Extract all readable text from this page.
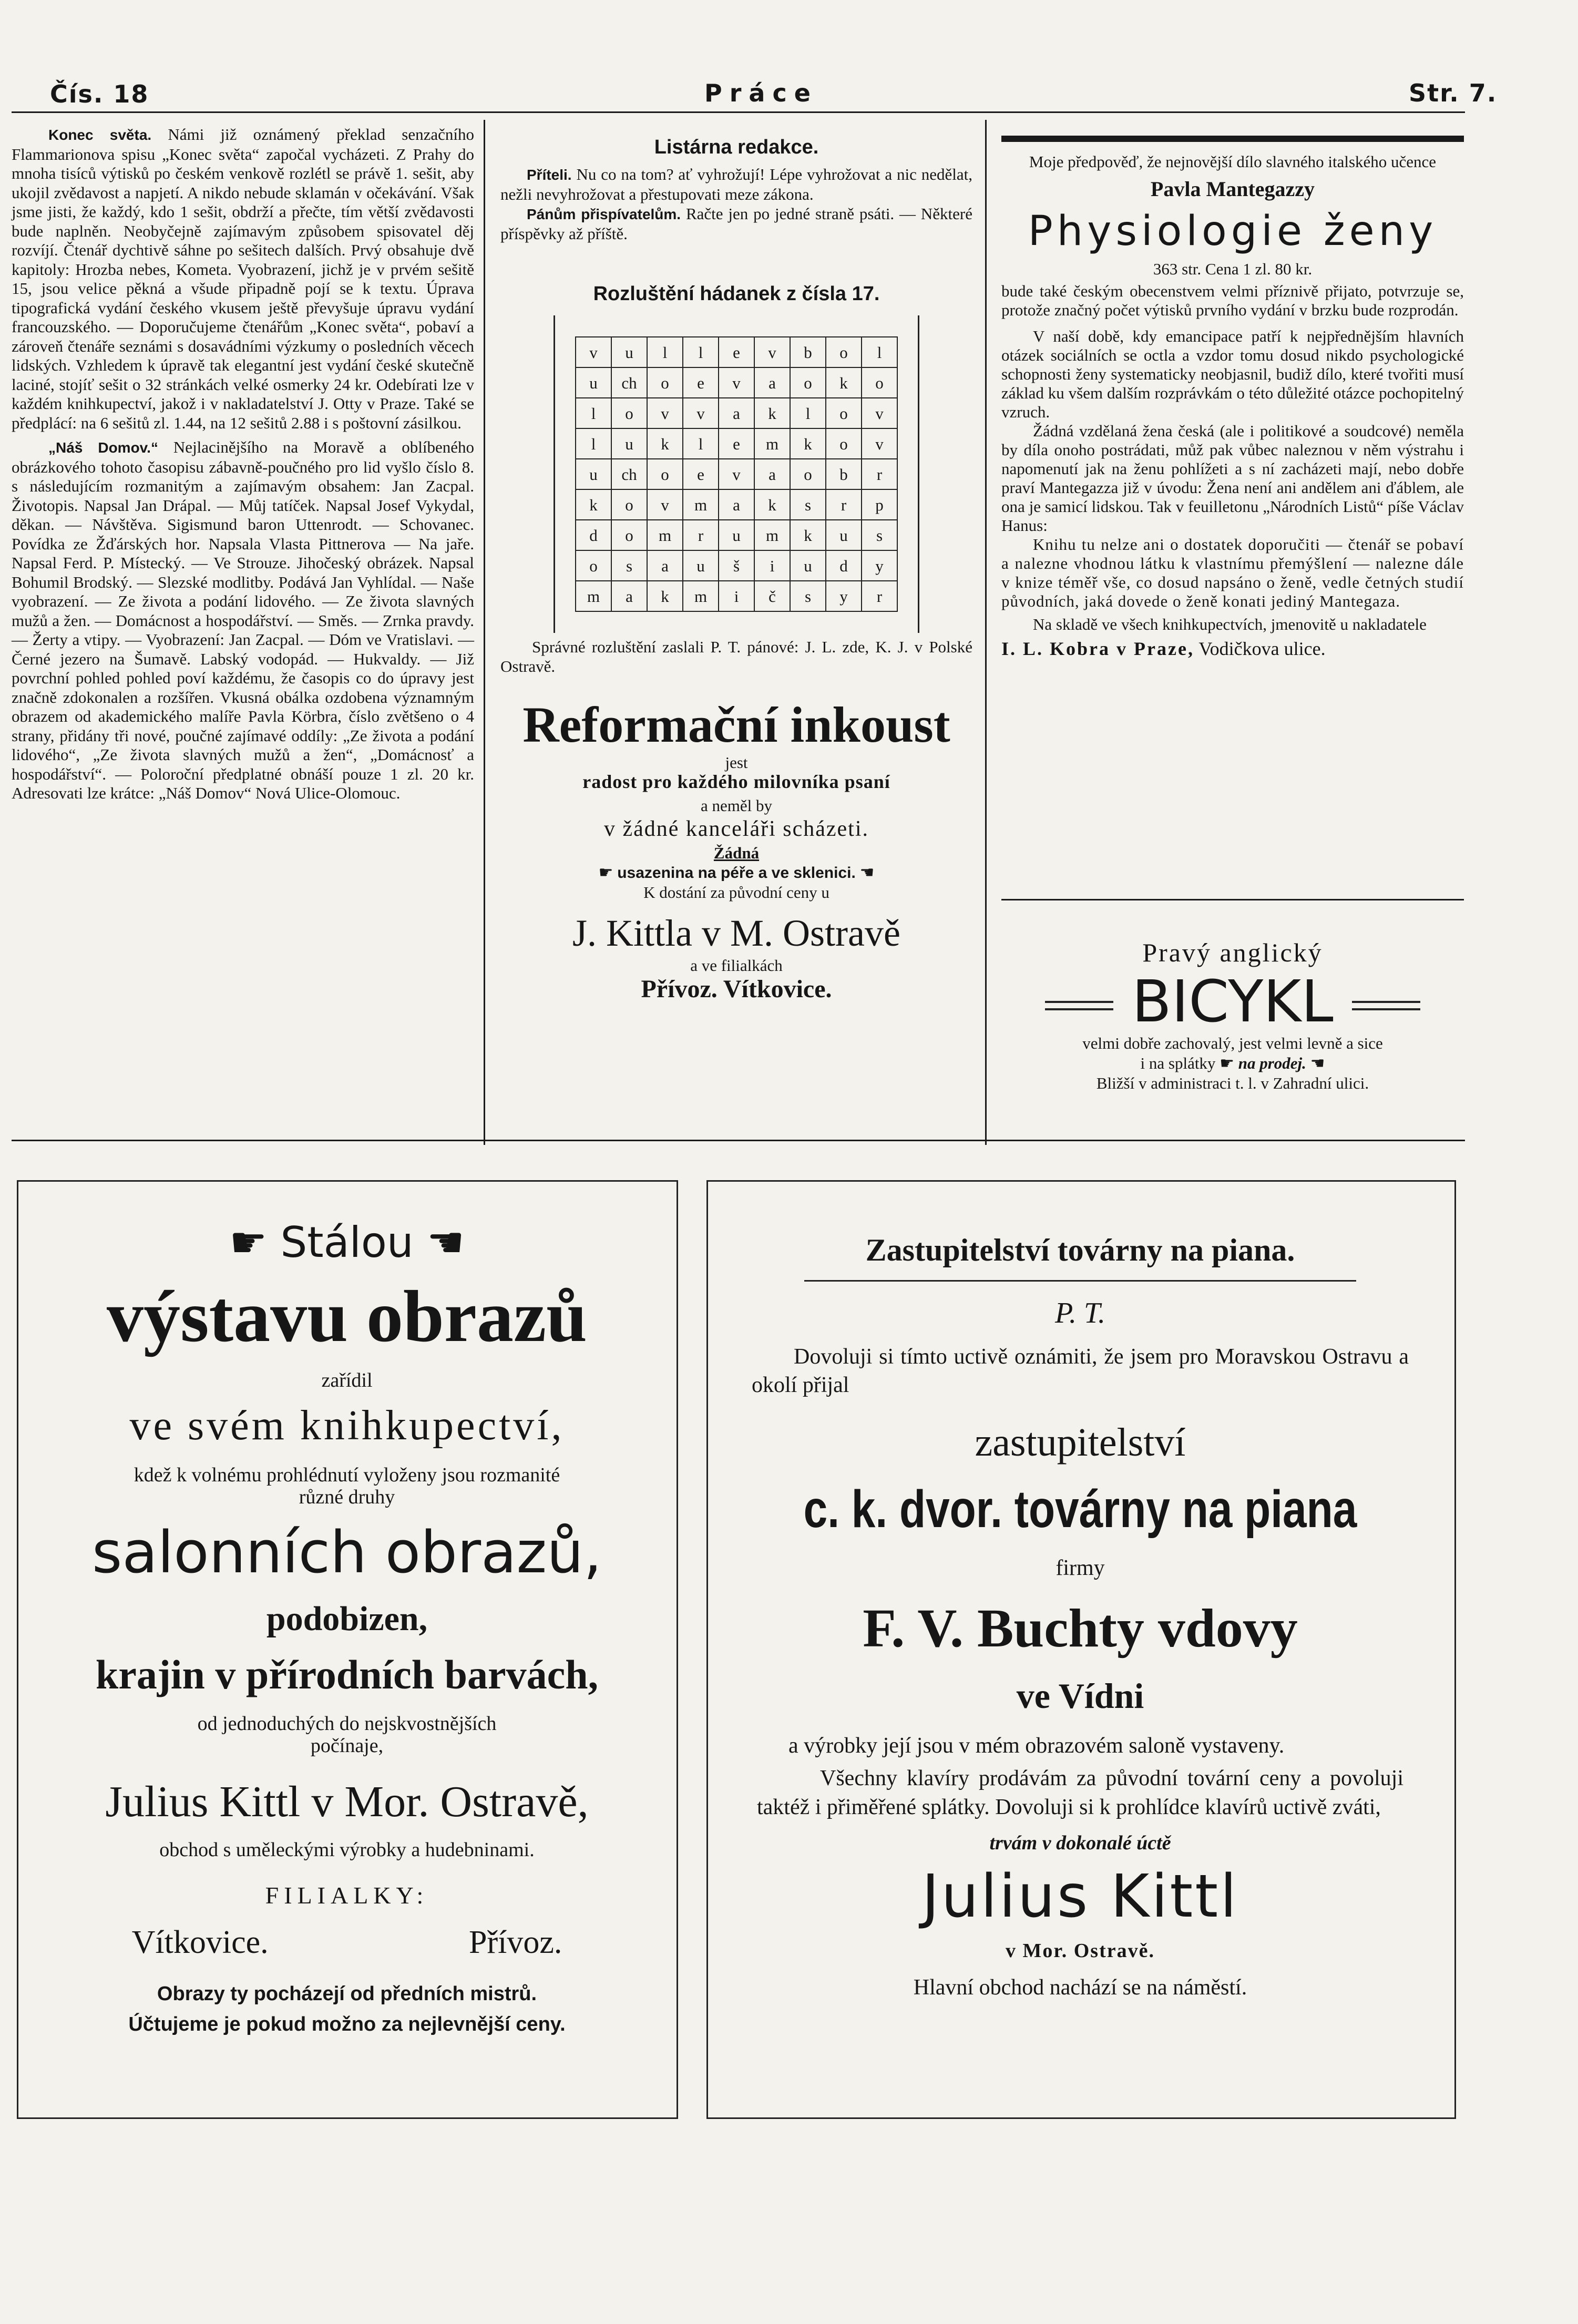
Čís. 18	Práce	Str. 7.

Konec světa. Námi již oznámený překlad senzačního Flammarionova spisu „Konec světa“ započal vycházeti. Z Prahy do mnoha tisíců výtisků po českém venkově rozlétl se právě 1. sešit, aby ukojil zvědavost a napjetí. A nikdo nebude sklamán v očekávání. Však jsme jisti, že každý, kdo 1 sešit, obdrží a přečte, tím větší zvědavosti bude naplněn. Neobyčejně zajímavým způsobem spisovatel děj rozvíjí. Čtenář dychtivě sáhne po sešitech dalších. Prvý obsahuje dvě kapitoly: Hrozba nebes, Kometa. Vyobrazení, jichž je v prvém sešitě 15, jsou velice pěkná a všude připadně pojí se k textu. Úprava tipografická vydání českého vkusem ještě převyšuje úpravu vydání francouzského. — Doporučujeme čtenářům „Konec světa“, pobaví a zároveň čtenáře seznámi s dosavádními výzkumy o posledních věcech lidských. Vzhledem k úpravě tak elegantní jest vydání české skutečně laciné, stojíť sešit o 32 stránkách velké osmerky 24 kr. Odebírati lze v každém knihkupectví, jakož i v nakladatelství J. Otty v Praze. Také se předplácí: na 6 sešitů zl. 1.44, na 12 sešitů 2.88 i s poštovní zásilkou.

„Náš Domov.“ Nejlacinějšího na Moravě a oblíbeného obrázkového tohoto časopisu zábavně-poučného pro lid vyšlo číslo 8. s následujícím rozmanitým a zajímavým obsahem: Jan Zacpal. Životopis. Napsal Jan Drápal. — Můj tatíček. Napsal Josef Vykydal, děkan. — Návštěva. Sigismund baron Uttenrodt. — Schovanec. Povídka ze Žďárských hor. Napsala Vlasta Pittnerova — Na jaře. Napsal Ferd. P. Místecký. — Ve Strouze. Jihočeský obrázek. Napsal Bohumil Brodský. — Slezské modlitby. Podává Jan Vyhlídal. — Naše vyobrazení. — Ze života a podání lidového. — Ze života slavných mužů a žen. — Domácnost a hospodářství. — Směs. — Zrnka pravdy. — Žerty a vtipy. — Vyobrazení: Jan Zacpal. — Dóm ve Vratislavi. — Černé jezero na Šumavě. Labský vodopád. — Hukvaldy. — Již povrchní pohled pohled poví každému, že časopis co do úpravy jest značně zdokonalen a rozšířen. Vkusná obálka ozdobena významným obrazem od akademického malíře Pavla Körbra, číslo zvětšeno o 4 strany, přidány tři nové, poučné zajímavé oddíly: „Ze života a podání lidového“, „Ze života slavných mužů a žen“, „Domácnosť a hospodářství“. — Poloroční předplatné obnáší pouze 1 zl. 20 kr. Adresovati lze krátce: „Náš Domov“ Nová Ulice-Olomouc.

Listárna redakce.

Příteli. Nu co na tom? ať vyhrožují! Lépe vyhrožovat a nic nedělat, nežli nevyhrožovat a přestupovati meze zákona.

Pánům přispívatelům. Račte jen po jedné straně psáti. — Některé příspěvky až příště.

Rozluštění hádanek z čísla 17.
v	u	l	l	e	v	b	o	l
u	ch	o	e	v	a	o	k	o
l	o	v	v	a	k	l	o	v
l	u	k	l	e	m	k	o	v
u	ch	o	e	v	a	o	b	r
k	o	v	m	a	k	s	r	p
d	o	m	r	u	m	k	u	s
o	s	a	u	š	i	u	d	y
m	a	k	m	i	č	s	y	r

Správné rozluštění zaslali P. T. pánové: J. L. zde, K. J. v Polské Ostravě.

Reformační inkoust
jest
radost pro každého milovníka psaní
a neměl by
v žádné kanceláři scházeti.
Žádná
☛ usazenina na péře a ve sklenici. ☚
K dostání za původní ceny u
J. Kittla v M. Ostravě
a ve filialkách
Přívoz. Vítkovice.
Moje předpověď, že nejnovější dílo slavného italského učence
Pavla Mantegazzy
Physiologie ženy
363 str. Cena 1 zl. 80 kr.

bude také českým obecenstvem velmi příznivě přijato, potvrzuje se, protože značný počet výtisků prvního vydání v brzku bude rozprodán.

V naší době, kdy emancipace patří k nejpřednějším hlavních otázek sociálních se octla a vzdor tomu dosud nikdo psychologické schopnosti ženy systematicky neobjasnil, budiž dílo, které tvořiti musí základ ku všem dalším rozprávkám o této důležité otázce pochopitelný vzruch.

Žádná vzdělaná žena česká (ale i politikové a soudcové) neměla by díla onoho postrádati, můž pak vůbec naleznou v něm výstrahu i napomenutí jak na ženu pohlížeti a s ní zacházeti mají, nebo dobře praví Mantegazza již v úvodu: Žena není ani andělem ani ďáblem, ale ona je samicí lidskou. Tak v feuilletonu „Národních Listů“ píše Václav Hanus:

Knihu tu nelze ani o dostatek doporučiti — čtenář se pobaví a nalezne vhodnou látku k vlastnímu přemýšlení — nalezne dále v knize téměř vše, co dosud napsáno o ženě, vedle četných studií původních, jaká dovede o ženě konati jediný Mantegaza.

Na skladě ve všech knihkupectvích, jmenovitě u nakladatele

I. L. Kobra v Praze, Vodičkova ulice.
Pravý anglický
BICYKL
velmi dobře zachovalý, jest velmi levně a sice
i na splátky ☛ na prodej. ☚
Bližší v administraci t. l. v Zahradní ulici.
☛ Stálou ☚
výstavu obrazů
zařídil
ve svém knihkupectví,
kdež k volnému prohlédnutí vyloženy jsou rozmanité různé druhy
salonních obrazů,
podobizen,
krajin v přírodních barvách,
od jednoduchých do nejskvostnějších počínaje,
Julius Kittl v Mor. Ostravě,
obchod s uměleckými výrobky a hudebninami.
FILIALKY:
Vítkovice.	Přívoz.
Obrazy ty pocházejí od předních mistrů.
Účtujeme je pokud možno za nejlevnější ceny.
Zastupitelství továrny na piana.
P. T.
Dovoluji si tímto uctivě oznámiti, že jsem pro Moravskou Ostravu a okolí přijal
zastupitelství
c. k. dvor. továrny na piana
firmy
F. V. Buchty vdovy
ve Vídni
a výrobky její jsou v mém obrazovém saloně vystaveny.
Všechny klavíry prodávám za původní tovární ceny a povoluji taktéž i přiměřené splátky. Dovoluji si k prohlídce klavírů uctivě zváti,
trvám v dokonalé úctě
Julius Kittl
v Mor. Ostravě.
Hlavní obchod nachází se na náměstí.
